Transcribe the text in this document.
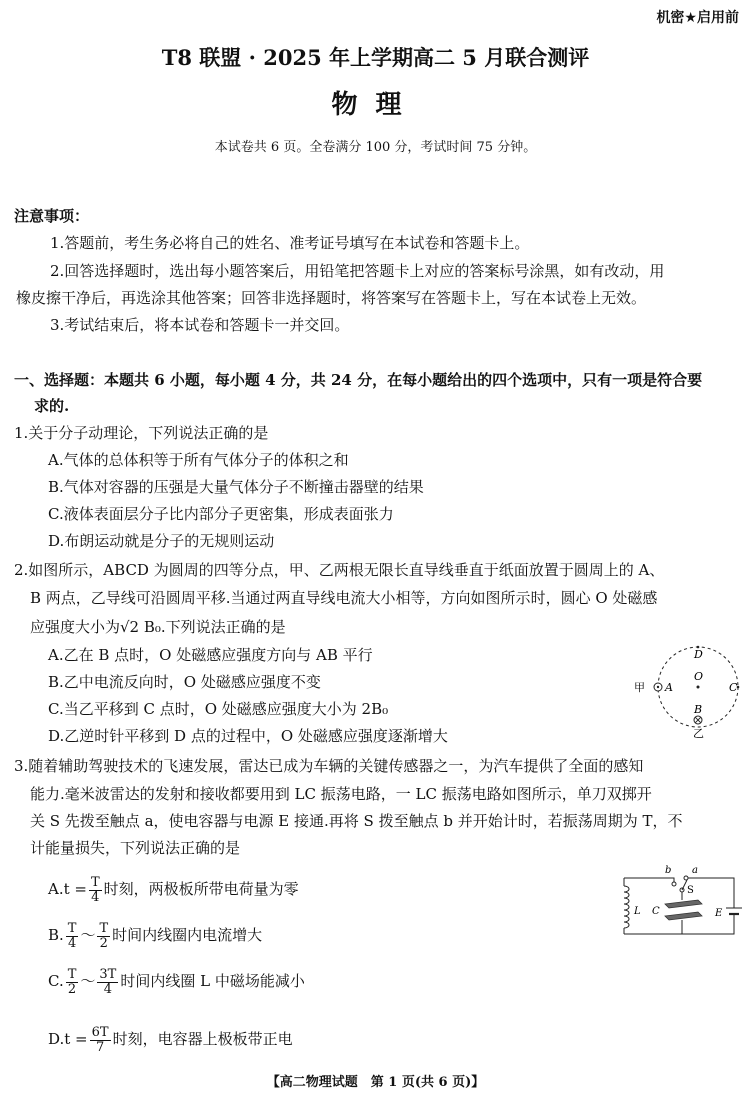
机密★启用前
T8 联盟 · 2025 年上学期高二 5 月联合测评
物理
本试卷共 6 页。全卷满分 100 分，考试时间 75 分钟。
注意事项：
1.答题前，考生务必将自己的姓名、准考证号填写在本试卷和答题卡上。
2.回答选择题时，选出每小题答案后，用铅笔把答题卡上对应的答案标号涂黑，如有改动，用
橡皮擦干净后，再选涂其他答案；回答非选择题时，将答案写在答题卡上，写在本试卷上无效。
3.考试结束后，将本试卷和答题卡一并交回。
一、选择题：本题共 6 小题，每小题 4 分，共 24 分，在每小题给出的四个选项中，只有一项是符合要
求的.
1.关于分子动理论，下列说法正确的是
A.气体的总体积等于所有气体分子的体积之和
B.气体对容器的压强是大量气体分子不断撞击器壁的结果
C.液体表面层分子比内部分子更密集，形成表面张力
D.布朗运动就是分子的无规则运动
2.如图所示，ABCD 为圆周的四等分点，甲、乙两根无限长直导线垂直于纸面放置于圆周上的 A、
B 两点，乙导线可沿圆周平移.当通过两直导线电流大小相等，方向如图所示时，圆心 O 处磁感
应强度大小为√2 B₀.下列说法正确的是
A.乙在 B 点时，O 处磁感应强度方向与 AB 平行
B.乙中电流反向时，O 处磁感应强度不变
C.当乙平移到 C 点时，O 处磁感应强度大小为 2B₀
D.乙逆时针平移到 D 点的过程中，O 处磁感应强度逐渐增大
甲 A
D
O
C
B
乙
3.随着辅助驾驶技术的飞速发展，雷达已成为车辆的关键传感器之一，为汽车提供了全面的感知
能力.毫米波雷达的发射和接收都要用到 LC 振荡电路，一 LC 振荡电路如图所示，单刀双掷开
关 S 先拨至触点 a，使电容器与电源 E 接通.再将 S 拨至触点 b 并开始计时，若振荡周期为 T，不
计能量损失，下列说法正确的是
$A.t = \frac{T}{4}$ 时刻，两极板所带电荷量为零
B. $\frac{T}{4}$ ～ $\frac{T}{2}$ 时间内线圈内电流增大
C. $\frac{T}{2}$ ～ $\frac{3T}{4}$ 时间内线圈 L 中磁场能减小
$D.t = \frac{6T}{7}$ 时刻，电容器上极板带正电
b a
S
L C	E
【高二物理试题　第 1 页(共 6 页)】
